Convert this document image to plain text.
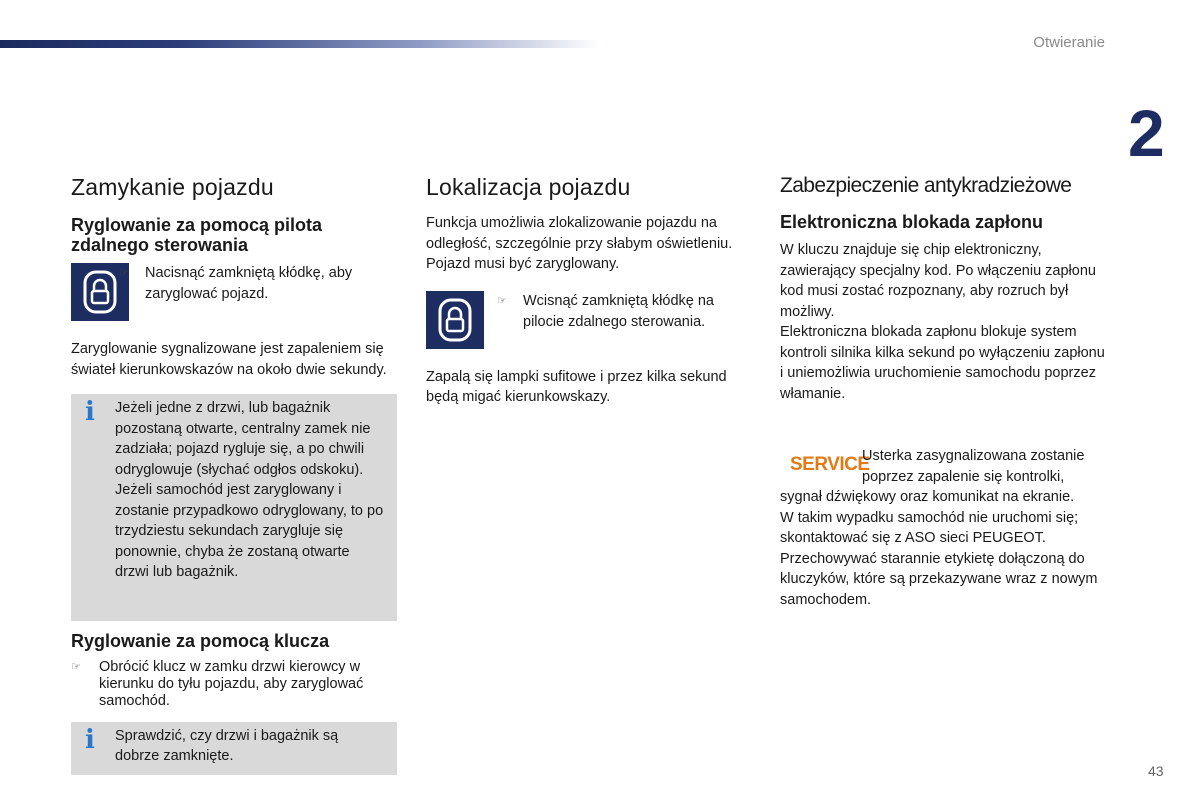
Otwieranie
2
Zamykanie pojazdu
Ryglowanie za pomocą pilota zdalnego sterowania
☞ Nacisnąć zamkniętą kłódkę, aby zaryglować pojazd.

Zaryglowanie sygnalizowane jest zapaleniem się świateł kierunkowskazów na około dwie sekundy.

i Jeżeli jedne z drzwi, lub bagażnik pozostaną otwarte, centralny zamek nie zadziała; pojazd rygluje się, a po chwili odryglowuje (słychać odgłos odskoku). Jeżeli samochód jest zaryglowany i zostanie przypadkowo odryglowany, to po trzydziestu sekundach zarygluje się ponownie, chyba że zostaną otwarte drzwi lub bagażnik.
Ryglowanie za pomocą klucza
☞ Obrócić klucz w zamku drzwi kierowcy w kierunku do tyłu pojazdu, aby zaryglować samochód.
i Sprawdzić, czy drzwi i bagażnik są dobrze zamknięte.
Lokalizacja pojazdu

Funkcja umożliwia zlokalizowanie pojazdu na odległość, szczególnie przy słabym oświetleniu. Pojazd musi być zaryglowany.

☞ Wcisnąć zamkniętą kłódkę na pilocie zdalnego sterowania.

Zapalą się lampki sufitowe i przez kilka sekund będą migać kierunkowskazy.

Zabezpieczenie antykradzieżowe
Elektroniczna blokada zapłonu

W kluczu znajduje się chip elektroniczny, zawierający specjalny kod. Po włączeniu zapłonu kod musi zostać rozpoznany, aby rozruch był możliwy.

Elektroniczna blokada zapłonu blokuje system kontroli silnika kilka sekund po wyłączeniu zapłonu i uniemożliwia uruchomienie samochodu poprzez włamanie.

SERVICE

Usterka zasygnalizowana zostanie poprzez zapalenie się kontrolki, sygnał dźwiękowy oraz komunikat na ekranie.

W takim wypadku samochód nie uruchomi się; skontaktować się z ASO sieci PEUGEOT.

Przechowywać starannie etykietę dołączoną do kluczyków, które są przekazywane wraz z nowym samochodem.

43
